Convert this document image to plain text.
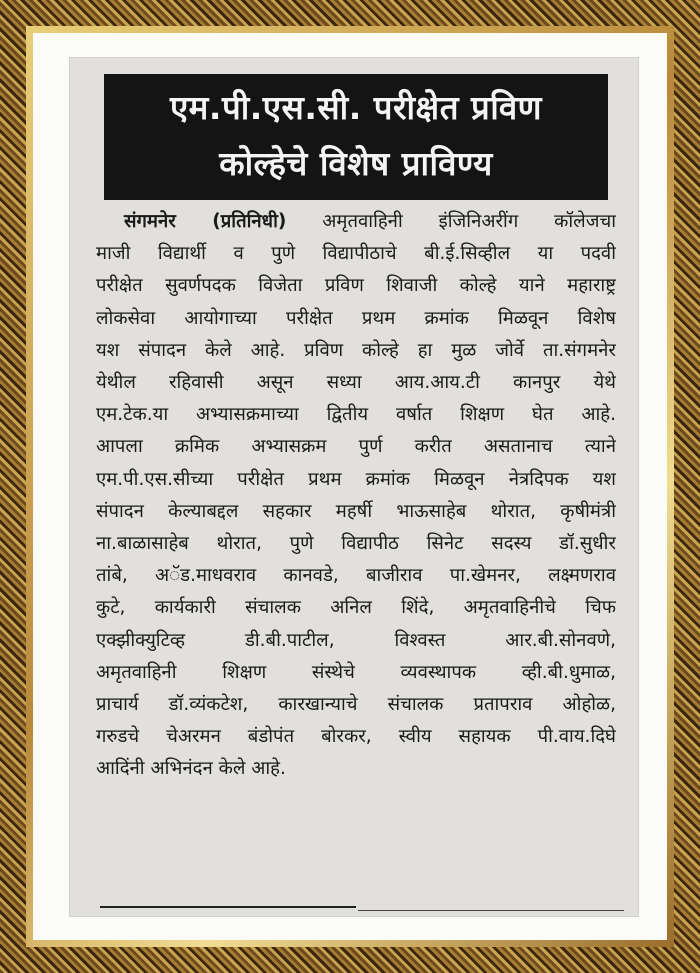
एम.पी.एस.सी. परीक्षेत प्रविण
कोल्हेचे विशेष प्राविण्य
संगमनेर (प्रतिनिधी) अमृतवाहिनी इंजिनिअरींग कॉलेजचा
माजी विद्यार्थी व पुणे विद्यापीठाचे बी.ई.सिव्हील या पदवी
परीक्षेत सुवर्णपदक विजेता प्रविण शिवाजी कोल्हे याने महाराष्ट्र
लोकसेवा आयोगाच्या परीक्षेत प्रथम क्रमांक मिळवून विशेष
यश संपादन केले आहे. प्रविण कोल्हे हा मुळ जोर्वे ता.संगमनेर
येथील रहिवासी असून सध्या आय.आय.टी कानपुर येथे
एम.टेक.या अभ्यासक्रमाच्या द्वितीय वर्षात शिक्षण घेत आहे.
आपला क्रमिक अभ्यासक्रम पुर्ण करीत असतानाच त्याने
एम.पी.एस.सीच्या परीक्षेत प्रथम क्रमांक मिळवून नेत्रदिपक यश
संपादन केल्याबद्दल सहकार महर्षी भाऊसाहेब थोरात, कृषीमंत्री
ना.बाळासाहेब थोरात, पुणे विद्यापीठ सिनेट सदस्य डॉ.सुधीर
तांबे, अॅड.माधवराव कानवडे, बाजीराव पा.खेमनर, लक्ष्मणराव
कुटे, कार्यकारी संचालक अनिल शिंदे, अमृतवाहिनीचे चिफ
एक्झीक्युटिव्ह डी.बी.पाटील, विश्वस्त आर.बी.सोनवणे,
अमृतवाहिनी शिक्षण संस्थेचे व्यवस्थापक व्ही.बी.धुमाळ,
प्राचार्य डॉ.व्यंकटेश, कारखान्याचे संचालक प्रतापराव ओहोळ,
गरुडचे चेअरमन बंडोपंत बोरकर, स्वीय सहायक पी.वाय.दिघे
आदिंनी अभिनंदन केले आहे.
